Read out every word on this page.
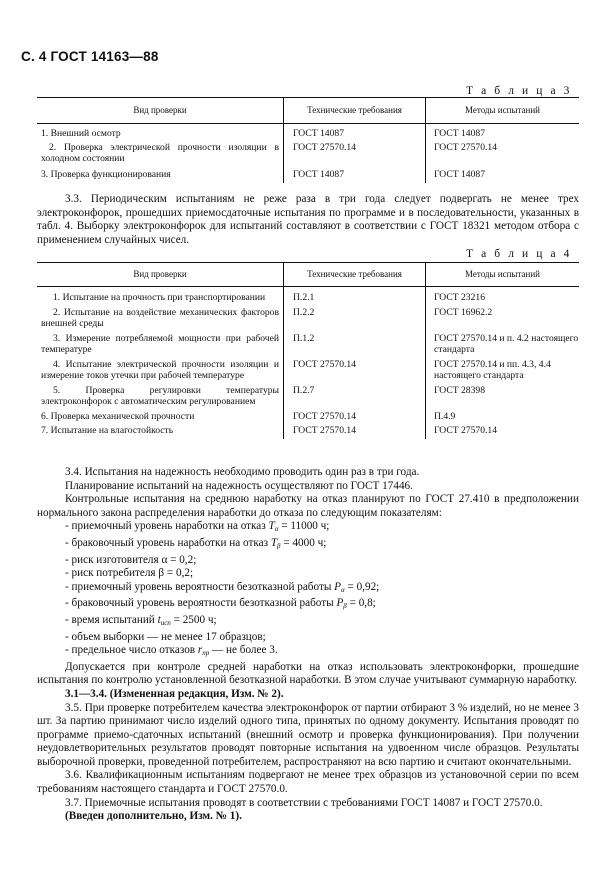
С. 4 ГОСТ 14163—88
Т а б л и ц а 3
Вид проверки	Технические требования	Методы испытаний
1. Внешний осмотр	ГОСТ 14087	ГОСТ 14087
2. Проверка электрической прочности изоляции в холодном состоянии	ГОСТ 27570.14	ГОСТ 27570.14
3. Проверка функционирования	ГОСТ 14087	ГОСТ 14087

3.3. Периодическим испытаниям не реже раза в три года следует подвергать не менее трех электроконфорок, прошедших приемосдаточные испытания по программе и в последовательности, указанных в табл. 4. Выборку электроконфорок для испытаний составляют в соответствии с ГОСТ 18321 методом отбора с применением случайных чисел.

Т а б л и ц а 4
Вид проверки	Технические требования	Методы испытаний
1. Испытание на прочность при транспортировании	П.2.1	ГОСТ 23216
2. Испытание на воздействие механических факторов внешней среды	П.2.2	ГОСТ 16962.2
3. Измерение потребляемой мощности при рабочей температуре	П.1.2	ГОСТ 27570.14 и п. 4.2 настоящего стандарта
4. Испытание электрической прочности изоляции и измерение токов утечки при рабочей температуре	ГОСТ 27570.14	ГОСТ 27570.14 и пп. 4.3, 4.4 настоящего стандарта
5. Проверка регулировки температуры электроконфорок с автоматическим регулированием	П.2.7	ГОСТ 28398
6. Проверка механической прочности	ГОСТ 27570.14	П.4.9
7. Испытание на влагостойкость	ГОСТ 27570.14	ГОСТ 27570.14

3.4. Испытания на надежность необходимо проводить один раз в три года.

Планирование испытаний на надежность осуществляют по ГОСТ 17446.

Контрольные испытания на среднюю наработку на отказ планируют по ГОСТ 27.410 в предположении нормального закона распределения наработки до отказа по следующим показателям:

- приемочный уровень наработки на отказ $T_\alpha = 11000$ ч;

- браковочный уровень наработки на отказ $T_\beta = 4000$ ч;

- риск изготовителя α = 0,2;

- риск потребителя β = 0,2;

- приемочный уровень вероятности безотказной работы $P_\alpha = 0,92$;

- браковочный уровень вероятности безотказной работы $P_\beta = 0,8$;

- время испытаний $t_{исп} = 2500$ ч;

- объем выборки — не менее 17 образцов;

- предельное число отказов $r_{пр}$ — не более 3.

Допускается при контроле средней наработки на отказ использовать электроконфорки, прошедшие испытания по контролю установленной безотказной наработки. В этом случае учитывают суммарную наработку.

3.1—3.4. (Измененная редакция, Изм. № 2).

3.5. При проверке потребителем качества электроконфорок от партии отбирают 3 % изделий, но не менее 3 шт. За партию принимают число изделий одного типа, принятых по одному документу. Испытания проводят по программе приемо-сдаточных испытаний (внешний осмотр и проверка функционирования). При получении неудовлетворительных результатов проводят повторные испытания на удвоенном числе образцов. Результаты выборочной проверки, проведенной потребителем, распространяют на всю партию и считают окончательными.

3.6. Квалификационным испытаниям подвергают не менее трех образцов из установочной серии по всем требованиям настоящего стандарта и ГОСТ 27570.0.

3.7. Приемочные испытания проводят в соответствии с требованиями ГОСТ 14087 и ГОСТ 27570.0.

(Введен дополнительно, Изм. № 1).
